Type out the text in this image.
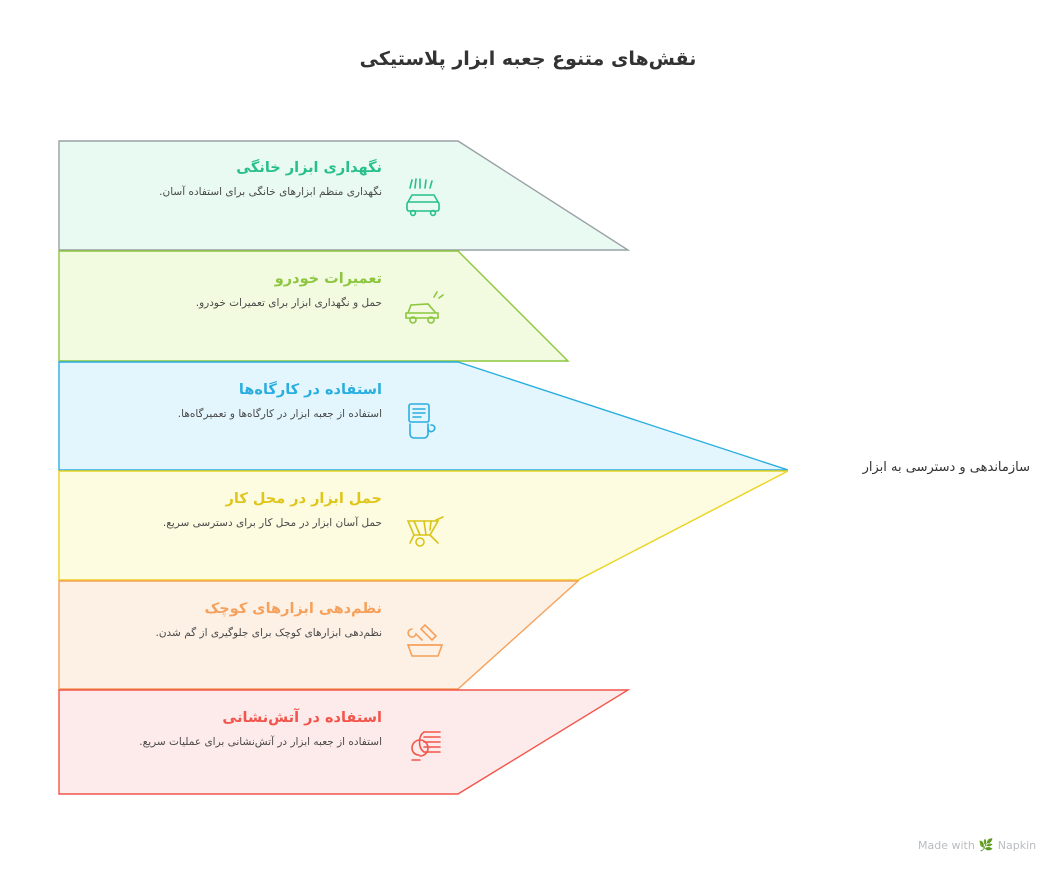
نقش‌های متنوع جعبه ابزار پلاستیکی
نگهداری ابزار خانگی
نگهداری منظم ابزارهای خانگی برای استفاده آسان.
تعمیرات خودرو
حمل و نگهداری ابزار برای تعمیرات خودرو.
استفاده در کارگاه‌ها
استفاده از جعبه ابزار در کارگاه‌ها و تعمیرگاه‌ها.
حمل ابزار در محل کار
حمل آسان ابزار در محل کار برای دسترسی سریع.
نظم‌دهی ابزارهای کوچک
نظم‌دهی ابزارهای کوچک برای جلوگیری از گم شدن.
استفاده در آتش‌نشانی
استفاده از جعبه ابزار در آتش‌نشانی برای عملیات سریع.
سازماندهی و دسترسی به ابزار
Made with 🌿 Napkin
